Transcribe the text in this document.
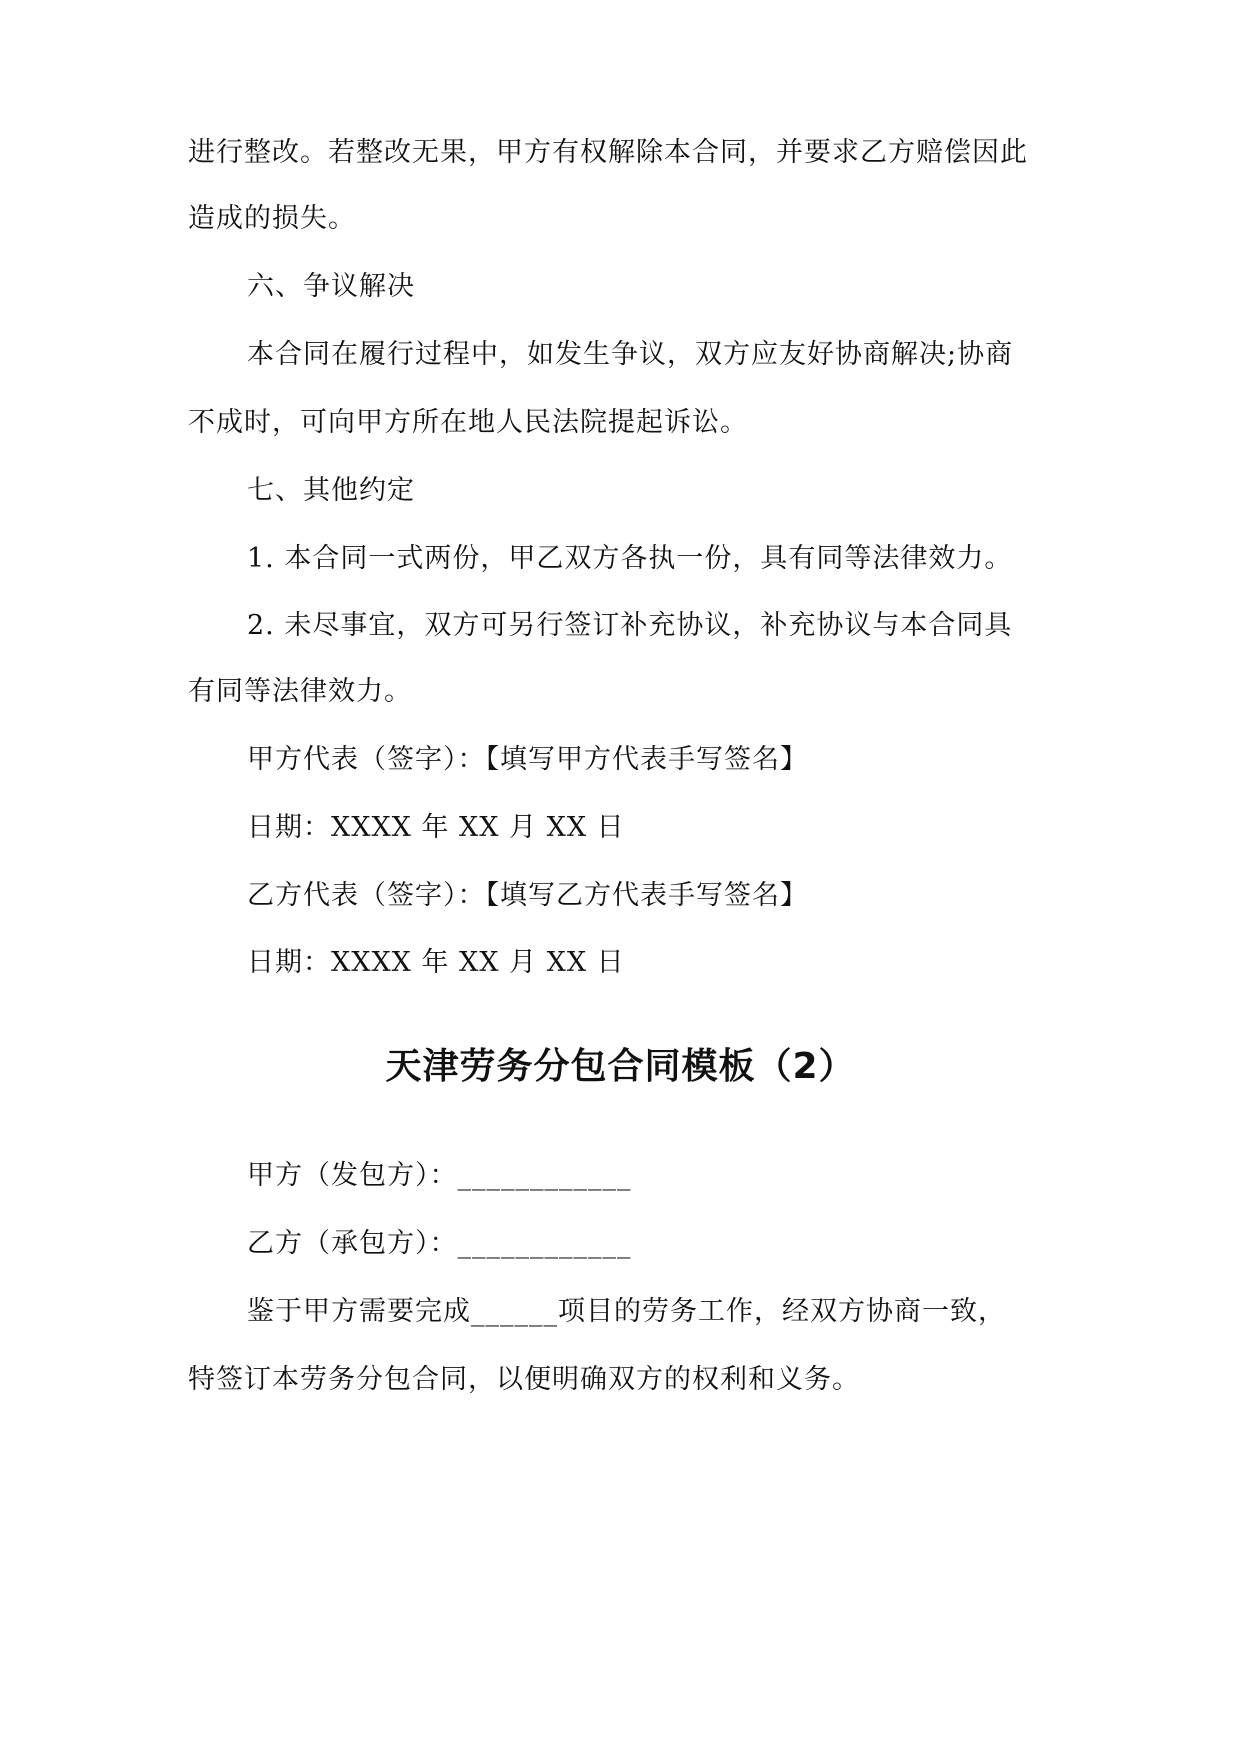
进行整改。若整改无果，甲方有权解除本合同，并要求乙方赔偿因此
造成的损失。
六、争议解决
本合同在履行过程中，如发生争议，双方应友好协商解决;协商
不成时，可向甲方所在地人民法院提起诉讼。
七、其他约定
1. 本合同一式两份，甲乙双方各执一份，具有同等法律效力。
2. 未尽事宜，双方可另行签订补充协议，补充协议与本合同具
有同等法律效力。
甲方代表（签字）：【填写甲方代表手写签名】
日期：XXXX 年 XX 月 XX 日
乙方代表（签字）：【填写乙方代表手写签名】
日期：XXXX 年 XX 月 XX 日
天津劳务分包合同模板（2）
甲方（发包方）：____________
乙方（承包方）：____________
鉴于甲方需要完成______项目的劳务工作，经双方协商一致，
特签订本劳务分包合同，以便明确双方的权利和义务。
